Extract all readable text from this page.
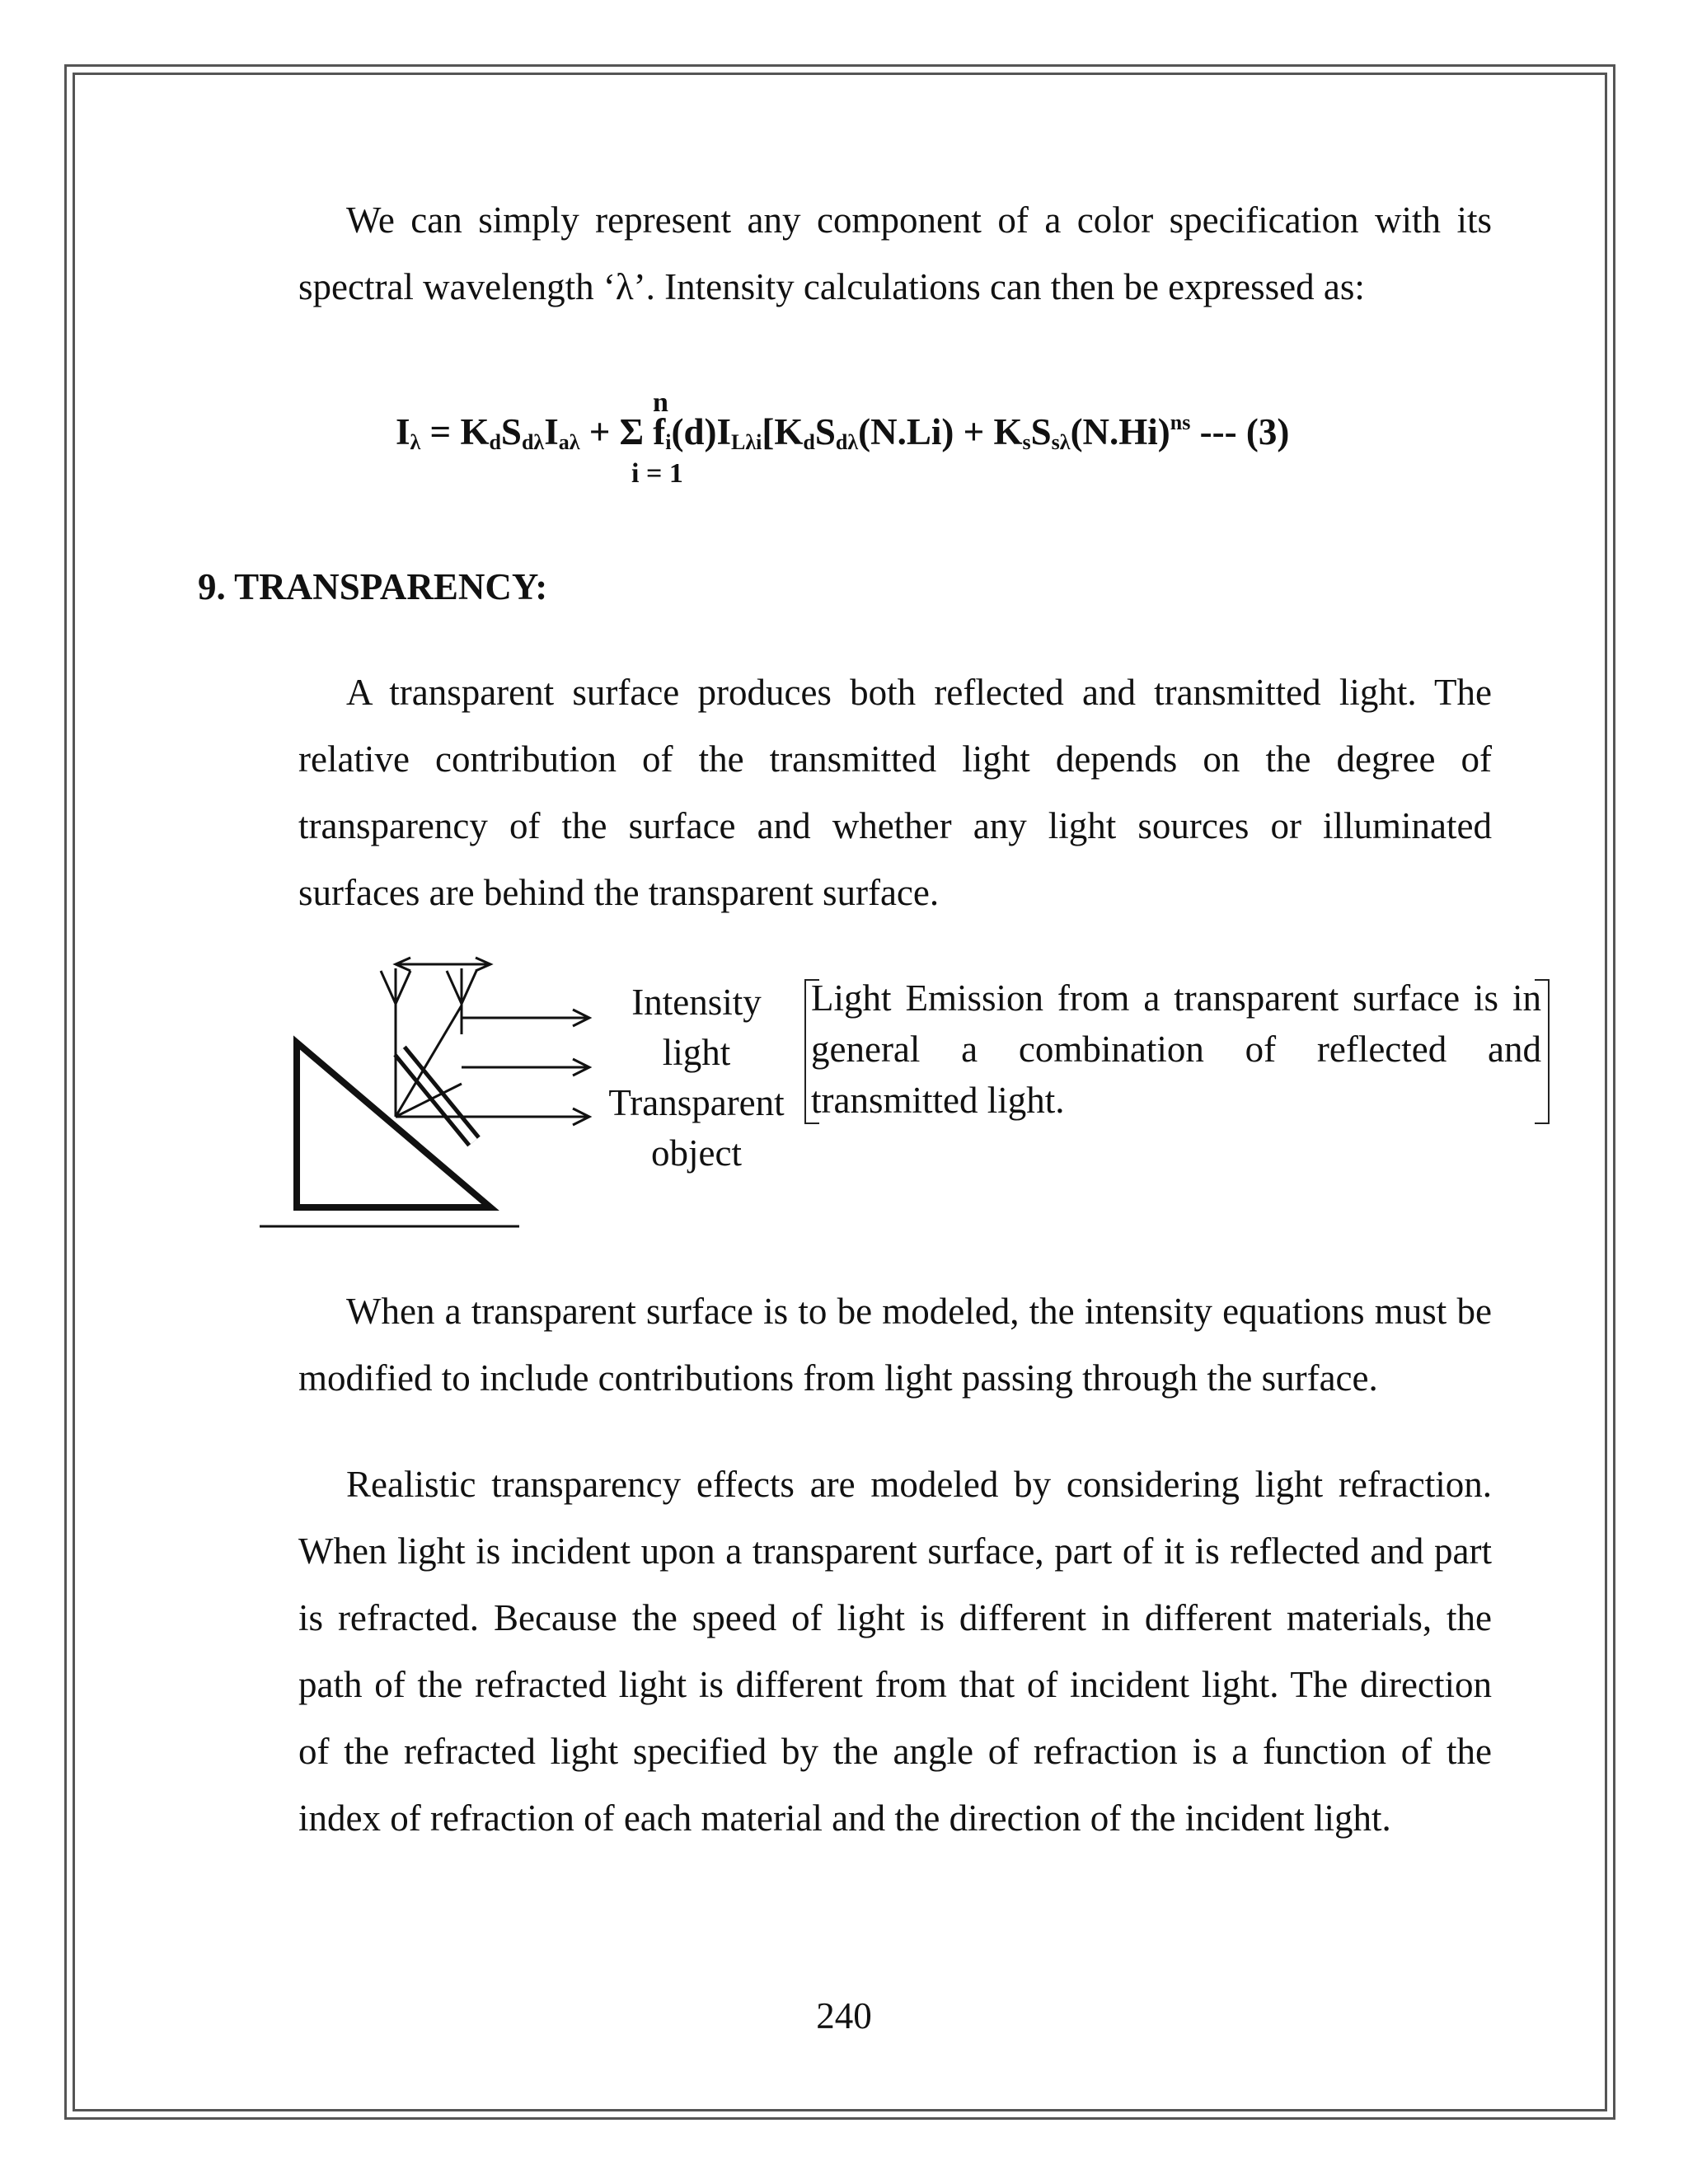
We can simply represent any component of a color specification with its spectral wavelength ‘λ’. Intensity calculations can then be expressed as:

n
$I_\lambda = K_dS_{d\lambda}I_{a\lambda} + \Sigma$ $f_i(d)I_{L\lambda i}[K_dS_{d\lambda}(N.Li) + K_sS_{s\lambda}(N.Hi)^{ns}$ --- (3)
i = 1
9. TRANSPARENCY:

A transparent surface produces both reflected and transmitted light. The relative contribution of the transmitted light depends on the degree of transparency of the surface and whether any light sources or illuminated surfaces are behind the transparent surface.

Intensity
light
Transparent
object
Light Emission from a transparent surface is in general a combination of reflected and transmitted light.

When a transparent surface is to be modeled, the intensity equations must be modified to include contributions from light passing through the surface.

Realistic transparency effects are modeled by considering light refraction. When light is incident upon a transparent surface, part of it is reflected and part is refracted. Because the speed of light is different in different materials, the path of the refracted light is different from that of incident light. The direction of the refracted light specified by the angle of refraction is a function of the index of refraction of each material and the direction of the incident light.

240
